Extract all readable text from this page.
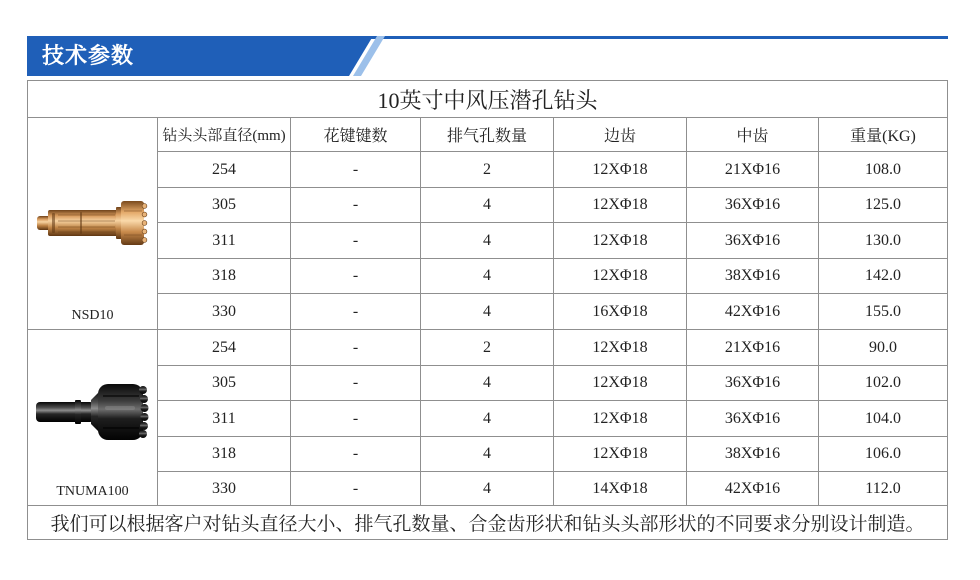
技术参数
10英寸中风压潜孔钻头
NSD10
TNUMA100
钻头头部直径(mm)	花键键数	排气孔数量	边齿	中齿	重量(KG)
254	-	2	12XΦ18	21XΦ16	108.0
305	-	4	12XΦ18	36XΦ16	125.0
311	-	4	12XΦ18	36XΦ16	130.0
318	-	4	12XΦ18	38XΦ16	142.0
330	-	4	16XΦ18	42XΦ16	155.0
254	-	2	12XΦ18	21XΦ16	90.0
305	-	4	12XΦ18	36XΦ16	102.0
311	-	4	12XΦ18	36XΦ16	104.0
318	-	4	12XΦ18	38XΦ16	106.0
330	-	4	14XΦ18	42XΦ16	112.0
我们可以根据客户对钻头直径大小、排气孔数量、合金齿形状和钻头头部形状的不同要求分别设计制造。
